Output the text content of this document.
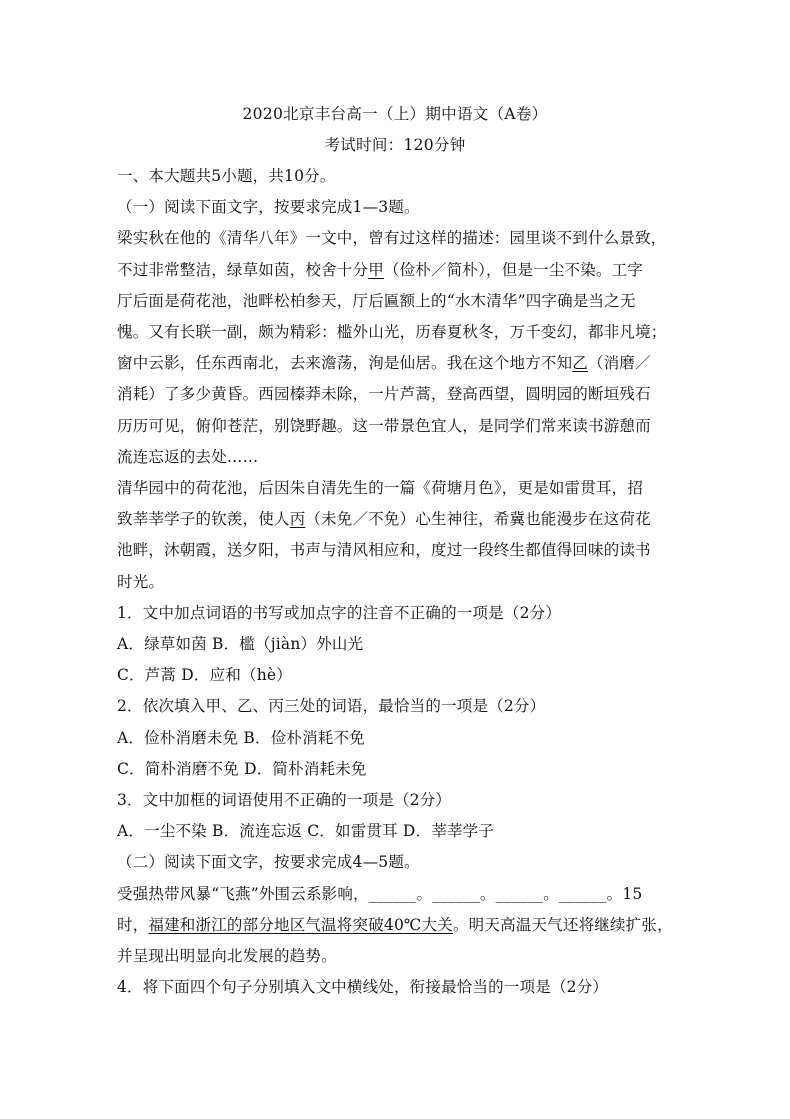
2020北京丰台高一（上）期中语文（A卷）
考试时间：120分钟
一、本大题共5小题，共10分。
（一）阅读下面文字，按要求完成1—3题。
梁实秋在他的《清华八年》一文中，曾有过这样的描述：园里谈不到什么景致，
不过非常整洁，绿草如茵，校舍十分甲（俭朴／简朴），但是一尘不染。工字
厅后面是荷花池，池畔松柏参天，厅后匾额上的“水木清华”四字确是当之无
愧。又有长联一副，颇为精彩：槛外山光，历春夏秋冬，万千变幻，都非凡境；
窗中云影，任东西南北，去来澹荡，洵是仙居。我在这个地方不知乙（消磨／
消耗）了多少黄昏。西园榛莽未除，一片芦蒿，登高西望，圆明园的断垣残石
历历可见，俯仰苍茫，别饶野趣。这一带景色宜人，是同学们常来读书游憩而
流连忘返的去处……
清华园中的荷花池，后因朱自清先生的一篇《荷塘月色》，更是如雷贯耳，招
致莘莘学子的钦羡，使人丙（未免／不免）心生神往，希冀也能漫步在这荷花
池畔，沐朝霞，送夕阳，书声与清风相应和，度过一段终生都值得回味的读书
时光。
1．文中加点词语的书写或加点字的注音不正确的一项是（2分）
A．绿草如茵 B．槛（jiàn）外山光
C．芦蒿 D．应和（hè）
2．依次填入甲、乙、丙三处的词语，最恰当的一项是（2分）
A．俭朴消磨未免 B．俭朴消耗不免
C．简朴消磨不免 D．简朴消耗未免
3．文中加框的词语使用不正确的一项是（2分）
A．一尘不染 B．流连忘返 C．如雷贯耳 D．莘莘学子
（二）阅读下面文字，按要求完成4—5题。
受强热带风暴“飞燕”外围云系影响，______。______。______。______。15
时，福建和浙江的部分地区气温将突破40℃大关。明天高温天气还将继续扩张，
并呈现出明显向北发展的趋势。
4．将下面四个句子分别填入文中横线处，衔接最恰当的一项是（2分）
